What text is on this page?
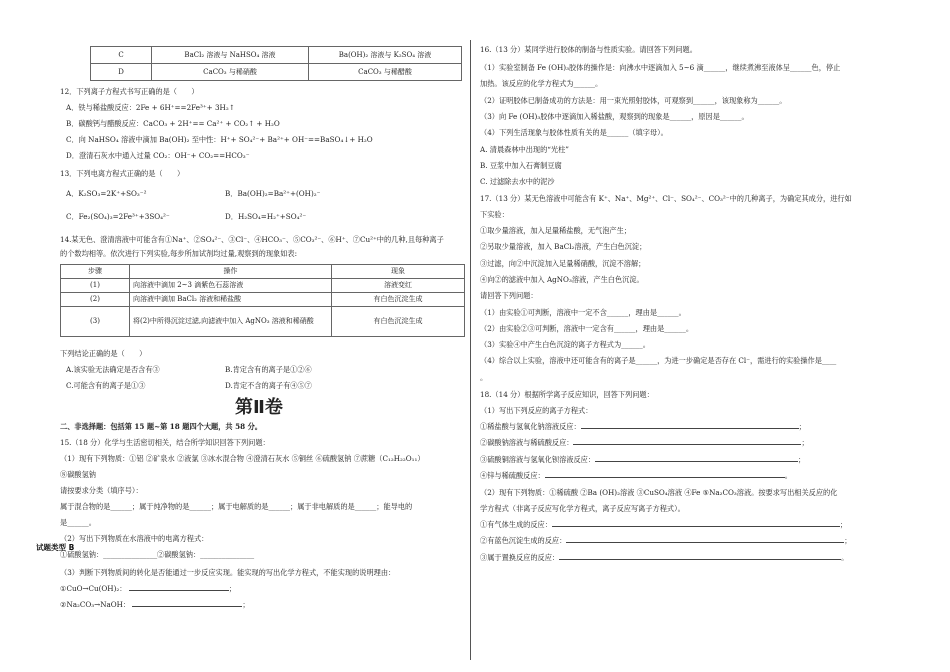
C	BaCl₂ 溶液与 NaHSO₄ 溶液	Ba(OH)₂ 溶液与 K₂SO₄ 溶液
D	CaCO₃ 与稀硝酸	CaCO₃ 与稀醋酸
12．下列离子方程式书写正确的是（　　）
A．铁与稀盐酸反应：2Fe + 6H⁺==2Fe³⁺+ 3H₂↑
B．碳酸钙与醋酸反应：CaCO₃ + 2H⁺== Ca²⁺ + CO₂↑ + H₂O
C．向 NaHSO₄ 溶液中滴加 Ba(OH)₂ 至中性：H⁺+ SO₄²⁻+ Ba²⁺+ OH⁻==BaSO₄↓+ H₂O
D．澄清石灰水中通入过量 CO₂：OH⁻+ CO₂==HCO₃⁻
13．下列电离方程式正确的是（　　）
A．K₂SO₃=2K⁺+SO₃⁻²	B．Ba(OH)₂=Ba²⁺+(OH)₂⁻
C．Fe₂(SO₄)₃=2Fe³⁺+3SO₄²⁻	D．H₂SO₄=H₂⁺+SO₄²⁻
14.某无色、澄清溶液中可能含有①Na⁺、②SO₄²⁻、③Cl⁻、④HCO₃⁻、⑤CO₃²⁻、⑥H⁺、⑦Cu²⁺中的几种,且每种离子
的个数均相等。依次进行下列实验,每步所加试剂均过量,观察到的现象如表:
步骤	操作	现象
(1)	向溶液中滴加 2~3 滴紫色石蕊溶液	溶液变红
(2)	向溶液中滴加 BaCl₂ 溶液和稀盐酸	有白色沉淀生成
(3)	将(2)中所得沉淀过滤,向滤液中加入 AgNO₃ 溶液和稀硝酸	有白色沉淀生成
下列结论正确的是（　　）
A.该实验无法确定是否含有③	B.肯定含有的离子是①②⑥
C.可能含有的离子是①③	D.肯定不含的离子有④⑤⑦
第Ⅱ卷
二、非选择题：包括第 15 题~第 18 题四个大题，共 58 分。
15.（18 分）化学与生活密切相关，结合所学知识回答下列问题：
（1）现有下列物质：①铝 ②矿泉水 ②液氯 ③冰水混合物 ④澄清石灰水 ⑤铜丝 ⑥硫酸氢钠 ⑦蔗糖（C₁₂H₂₂O₁₁）
⑧碳酸氢钠
请按要求分类（填序号）：
属于混合物的是______；属于纯净物的是______；属于电解质的是______；属于非电解质的是______；能导电的
是______。
（2）写出下列物质在水溶液中的电离方程式：
①硫酸氢钠：_______________②碳酸氢钠：_______________
（3）判断下列物质间的转化是否能通过一步反应实现。能实现的写出化学方程式，不能实现的说明理由：
①CuO→Cu(OH)₂：	；
②Na₂CO₃→NaOH：	；
试题类型 B
16.（13 分）某同学进行胶体的制备与性质实验。请回答下列问题。
（1）实验室制备 Fe (OH)₃胶体的操作是：向沸水中逐滴加入 5~6 滴______，继续煮沸至液体呈______色，停止
加热。该反应的化学方程式为______。
（2）证明胶体已制备成功的方法是：用一束光照射胶体，可观察到______，该现象称为______。
（3）向 Fe (OH)₃胶体中逐滴加入稀盐酸，观察到的现象是______，原因是______。
（4）下列生活现象与胶体性质有关的是______（填字母）。
A. 清晨森林中出现的“光柱”
B. 豆浆中加入石膏制豆腐
C. 过滤除去水中的泥沙
17.（13 分）某无色溶液中可能含有 K⁺、Na⁺、Mg²⁺、Cl⁻、SO₄²⁻、CO₃²⁻中的几种离子，为确定其成分，进行如
下实验：
①取少量溶液，加入足量稀盐酸，无气泡产生；
②另取少量溶液，加入 BaCl₂溶液，产生白色沉淀；
③过滤，向②中沉淀加入足量稀硝酸，沉淀不溶解；
④向②的滤液中加入 AgNO₃溶液，产生白色沉淀。
请回答下列问题：
（1）由实验①可判断，溶液中一定不含______，理由是______。
（2）由实验②③可判断，溶液中一定含有______，理由是______。
（3）实验④中产生白色沉淀的离子方程式为______。
（4）综合以上实验，溶液中还可能含有的离子是______，为进一步确定是否存在 Cl⁻，需进行的实验操作是____
。
18.（14 分）根据所学离子反应知识，回答下列问题：
（1）写出下列反应的离子方程式：
①稀盐酸与氢氧化钠溶液反应：	；
②碳酸钠溶液与稀硫酸反应：	；
③硫酸铜溶液与氢氧化钡溶液反应：	；
④锌与稀硫酸反应：	。
（2）现有下列物质：①稀硫酸 ②Ba (OH)₂溶液 ③CuSO₄溶液 ④Fe ⑤Na₂CO₃溶液。按要求写出相关反应的化
学方程式（非离子反应写化学方程式，离子反应写离子方程式）。
①有气体生成的反应：	；
②有蓝色沉淀生成的反应：	；
③属于置换反应的反应：	。
